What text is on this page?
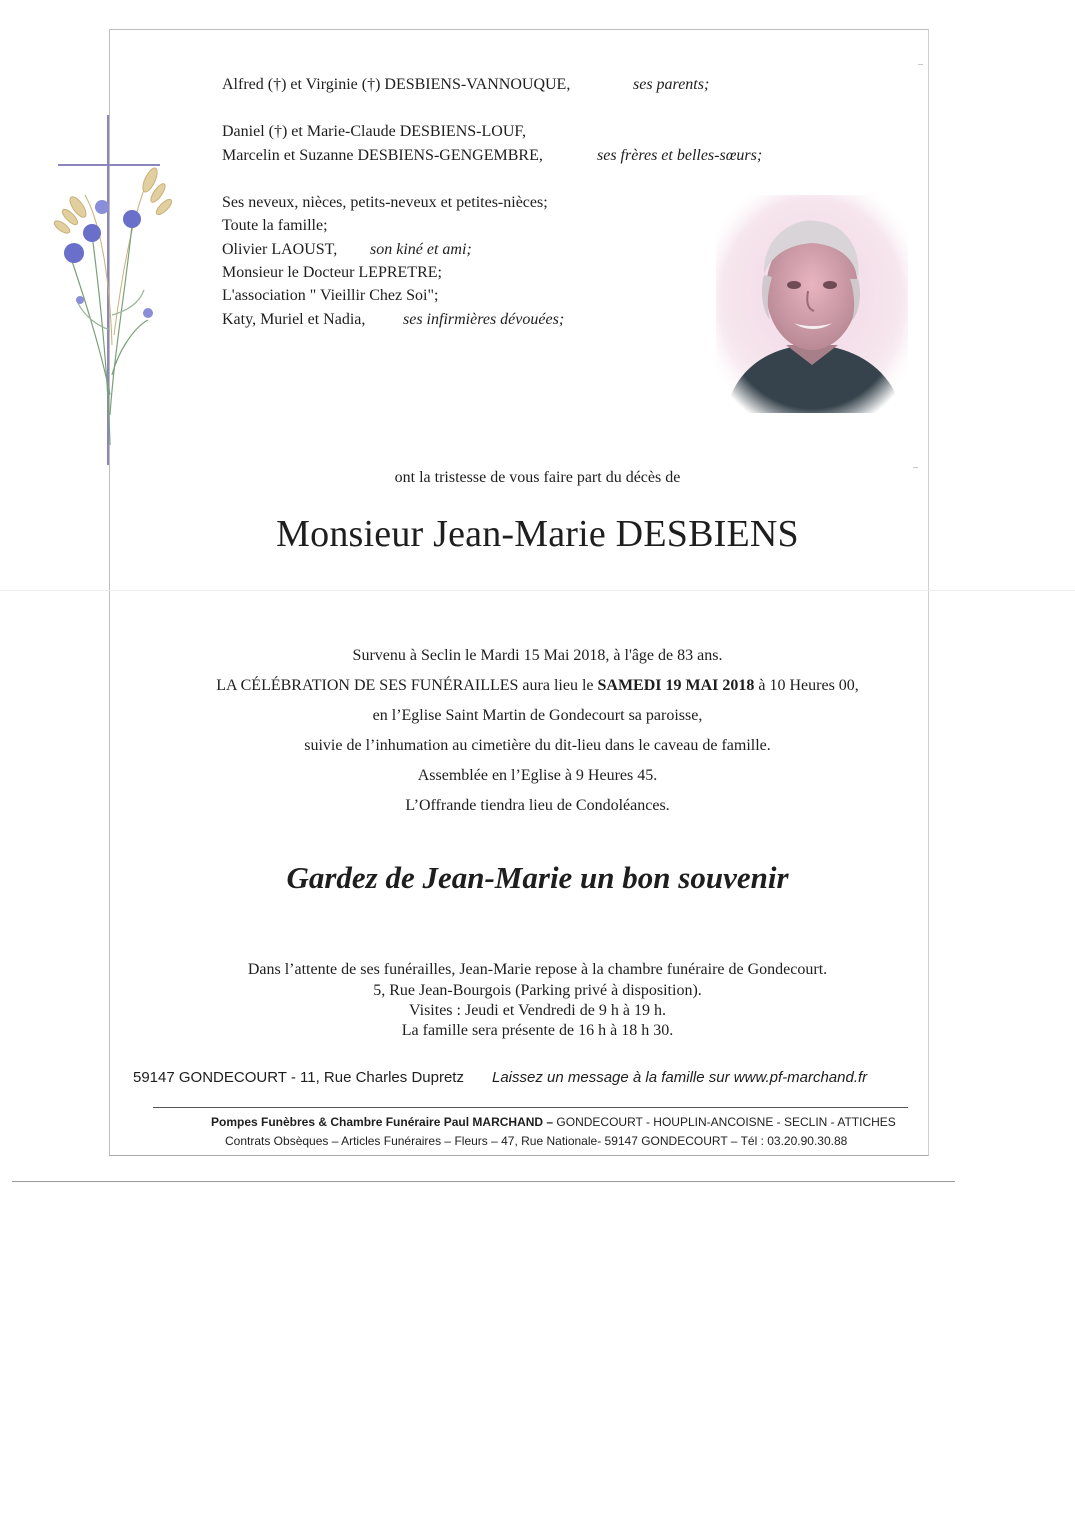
Alfred (†) et Virginie (†) DESBIENS-VANNOUQUE,	ses parents;
Daniel (†) et Marie-Claude DESBIENS-LOUF,
Marcelin et Suzanne DESBIENS-GENGEMBRE,	ses frères et belles-sœurs;
Ses neveux, nièces, petits-neveux et petites-nièces;
Toute la famille;
Olivier LAOUST, son kiné et ami;
Monsieur le Docteur LEPRETRE;
L'association " Vieillir Chez Soi";
Katy, Muriel et Nadia, ses infirmières dévouées;
ont la tristesse de vous faire part du décès de
Monsieur Jean-Marie DESBIENS
Survenu à Seclin le Mardi 15 Mai 2018, à l'âge de 83 ans.
LA CÉLÉBRATION DE SES FUNÉRAILLES aura lieu le SAMEDI 19 MAI 2018 à 10 Heures 00,
en l’Eglise Saint Martin de Gondecourt sa paroisse,
suivie de l’inhumation au cimetière du dit-lieu dans le caveau de famille.
Assemblée en l’Eglise à 9 Heures 45.
L’Offrande tiendra lieu de Condoléances.
Gardez de Jean-Marie un bon souvenir
Dans l’attente de ses funérailles, Jean-Marie repose à la chambre funéraire de Gondecourt.
5, Rue Jean-Bourgois (Parking privé à disposition).
Visites : Jeudi et Vendredi de 9 h à 19 h.
La famille sera présente de 16 h à 18 h 30.
59147 GONDECOURT - 11, Rue Charles Dupretz Laissez un message à la famille sur www.pf-marchand.fr
Pompes Funèbres & Chambre Funéraire Paul MARCHAND – GONDECOURT - HOUPLIN-ANCOISNE - SECLIN - ATTICHES
Contrats Obsèques – Articles Funéraires – Fleurs – 47, Rue Nationale- 59147 GONDECOURT – Tél : 03.20.90.30.88
